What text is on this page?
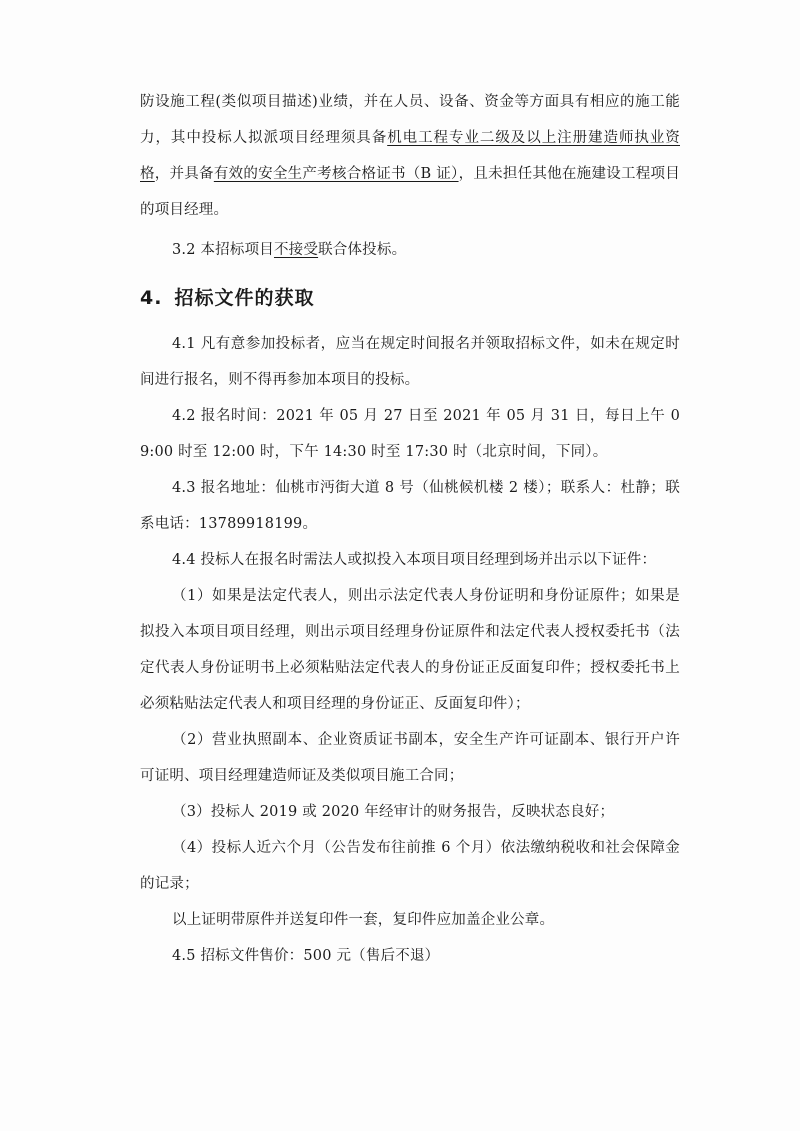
防设施工程(类似项目描述)业绩，并在人员、设备、资金等方面具有相应的施工能力，其中投标人拟派项目经理须具备机电工程专业二级及以上注册建造师执业资格，并具备有效的安全生产考核合格证书（B 证），且未担任其他在施建设工程项目的项目经理。

3.2 本招标项目不接受联合体投标。

4. 招标文件的获取

4.1 凡有意参加投标者，应当在规定时间报名并领取招标文件，如未在规定时间进行报名，则不得再参加本项目的投标。

4.2 报名时间：2021 年 05 月 27 日至 2021 年 05 月 31 日，每日上午 09:00 时至 12:00 时，下午 14:30 时至 17:30 时（北京时间，下同）。

4.3 报名地址：仙桃市沔街大道 8 号（仙桃候机楼 2 楼）；联系人：杜静；联系电话：13789918199。

4.4 投标人在报名时需法人或拟投入本项目项目经理到场并出示以下证件：

（1）如果是法定代表人，则出示法定代表人身份证明和身份证原件；如果是拟投入本项目项目经理，则出示项目经理身份证原件和法定代表人授权委托书（法定代表人身份证明书上必须粘贴法定代表人的身份证正反面复印件；授权委托书上必须粘贴法定代表人和项目经理的身份证正、反面复印件）；

（2）营业执照副本、企业资质证书副本，安全生产许可证副本、银行开户许可证明、项目经理建造师证及类似项目施工合同；

（3）投标人 2019 或 2020 年经审计的财务报告，反映状态良好；

（4）投标人近六个月（公告发布往前推 6 个月）依法缴纳税收和社会保障金的记录；

以上证明带原件并送复印件一套，复印件应加盖企业公章。

4.5 招标文件售价：500 元（售后不退）
